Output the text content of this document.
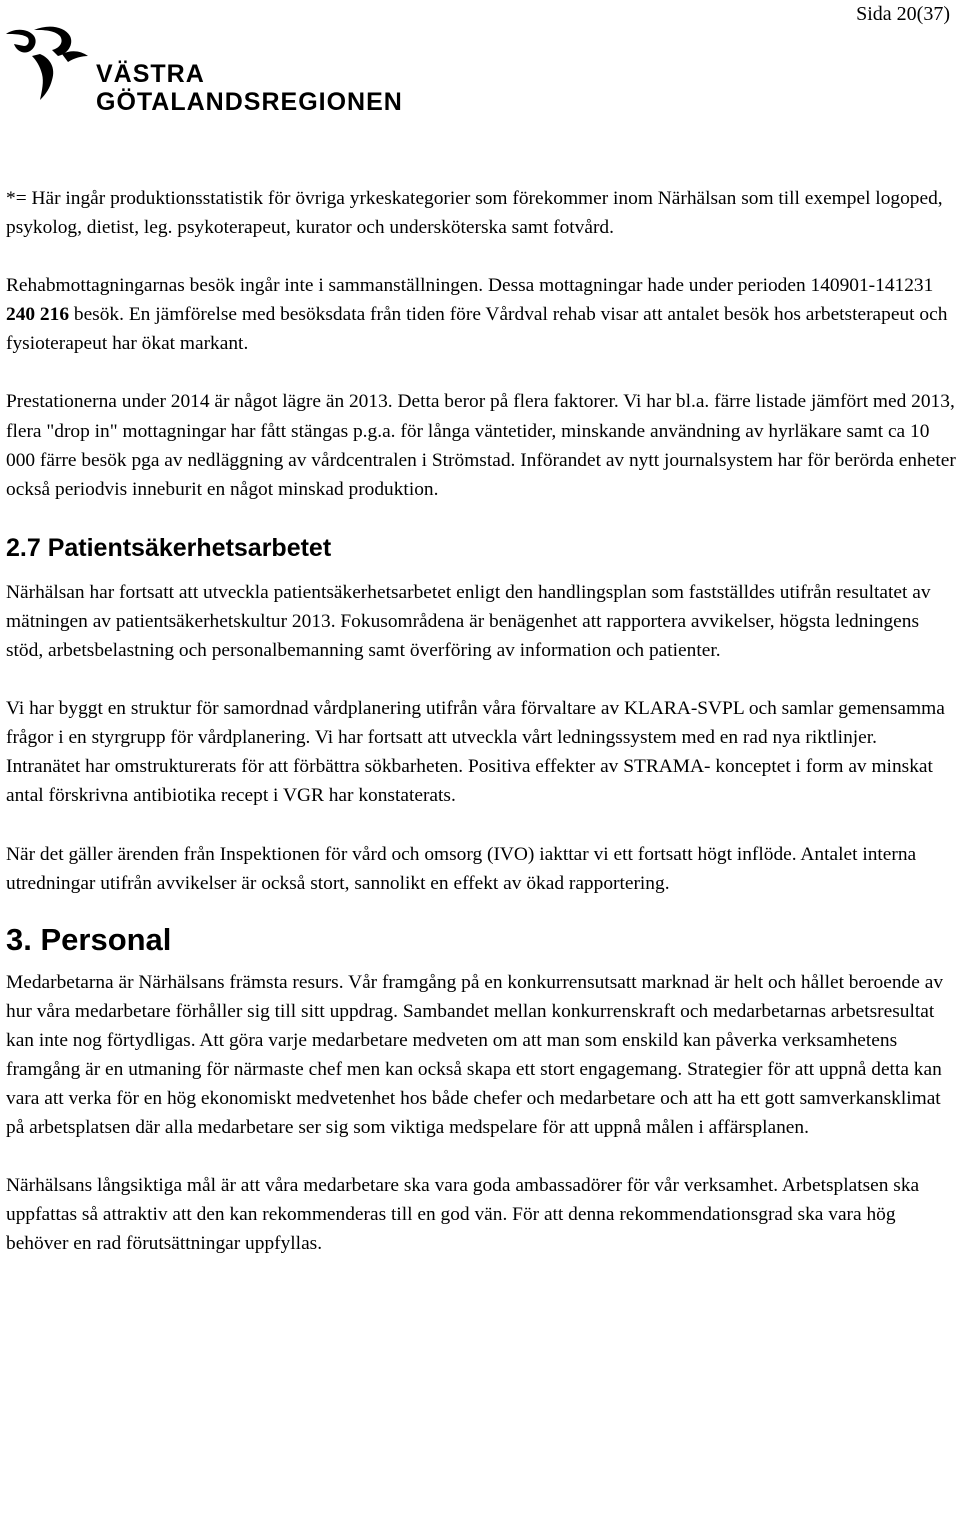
Sida 20(37)
VÄSTRA
GÖTALANDSREGIONEN

*= Här ingår produktionsstatistik för övriga yrkeskategorier som förekommer inom Närhälsan som till exempel logoped, psykolog, dietist, leg. psykoterapeut, kurator och undersköterska samt fotvård.

Rehabmottagningarnas besök ingår inte i sammanställningen. Dessa mottagningar hade under perioden 140901-141231 240 216 besök. En jämförelse med besöksdata från tiden före Vårdval rehab visar att antalet besök hos arbetsterapeut och fysioterapeut har ökat markant.

Prestationerna under 2014 är något lägre än 2013. Detta beror på flera faktorer. Vi har bl.a. färre listade jämfört med 2013, flera "drop in" mottagningar har fått stängas p.g.a. för långa väntetider, minskande användning av hyrläkare samt ca 10 000 färre besök pga av nedläggning av vårdcentralen i Strömstad. Införandet av nytt journalsystem har för berörda enheter också periodvis inneburit en något minskad produktion.

2.7 Patientsäkerhetsarbetet

Närhälsan har fortsatt att utveckla patientsäkerhetsarbetet enligt den handlingsplan som fastställdes utifrån resultatet av mätningen av patientsäkerhetskultur 2013. Fokusområdena är benägenhet att rapportera avvikelser, högsta ledningens stöd, arbetsbelastning och personalbemanning samt överföring av information och patienter.

Vi har byggt en struktur för samordnad vårdplanering utifrån våra förvaltare av KLARA-SVPL och samlar gemensamma frågor i en styrgrupp för vårdplanering. Vi har fortsatt att utveckla vårt ledningssystem med en rad nya riktlinjer. Intranätet har omstrukturerats för att förbättra sökbarheten. Positiva effekter av STRAMA- konceptet i form av minskat antal förskrivna antibiotika recept i VGR har konstaterats.

När det gäller ärenden från Inspektionen för vård och omsorg (IVO) iakttar vi ett fortsatt högt inflöde. Antalet interna utredningar utifrån avvikelser är också stort, sannolikt en effekt av ökad rapportering.

3. Personal

Medarbetarna är Närhälsans främsta resurs. Vår framgång på en konkurrensutsatt marknad är helt och hållet beroende av hur våra medarbetare förhåller sig till sitt uppdrag. Sambandet mellan konkurrenskraft och medarbetarnas arbetsresultat kan inte nog förtydligas. Att göra varje medarbetare medveten om att man som enskild kan påverka verksamhetens framgång är en utmaning för närmaste chef men kan också skapa ett stort engagemang. Strategier för att uppnå detta kan vara att verka för en hög ekonomiskt medvetenhet hos både chefer och medarbetare och att ha ett gott samverkansklimat på arbetsplatsen där alla medarbetare ser sig som viktiga medspelare för att uppnå målen i affärsplanen.

Närhälsans långsiktiga mål är att våra medarbetare ska vara goda ambassadörer för vår verksamhet. Arbetsplatsen ska uppfattas så attraktiv att den kan rekommenderas till en god vän. För att denna rekommendationsgrad ska vara hög behöver en rad förutsättningar uppfyllas.
